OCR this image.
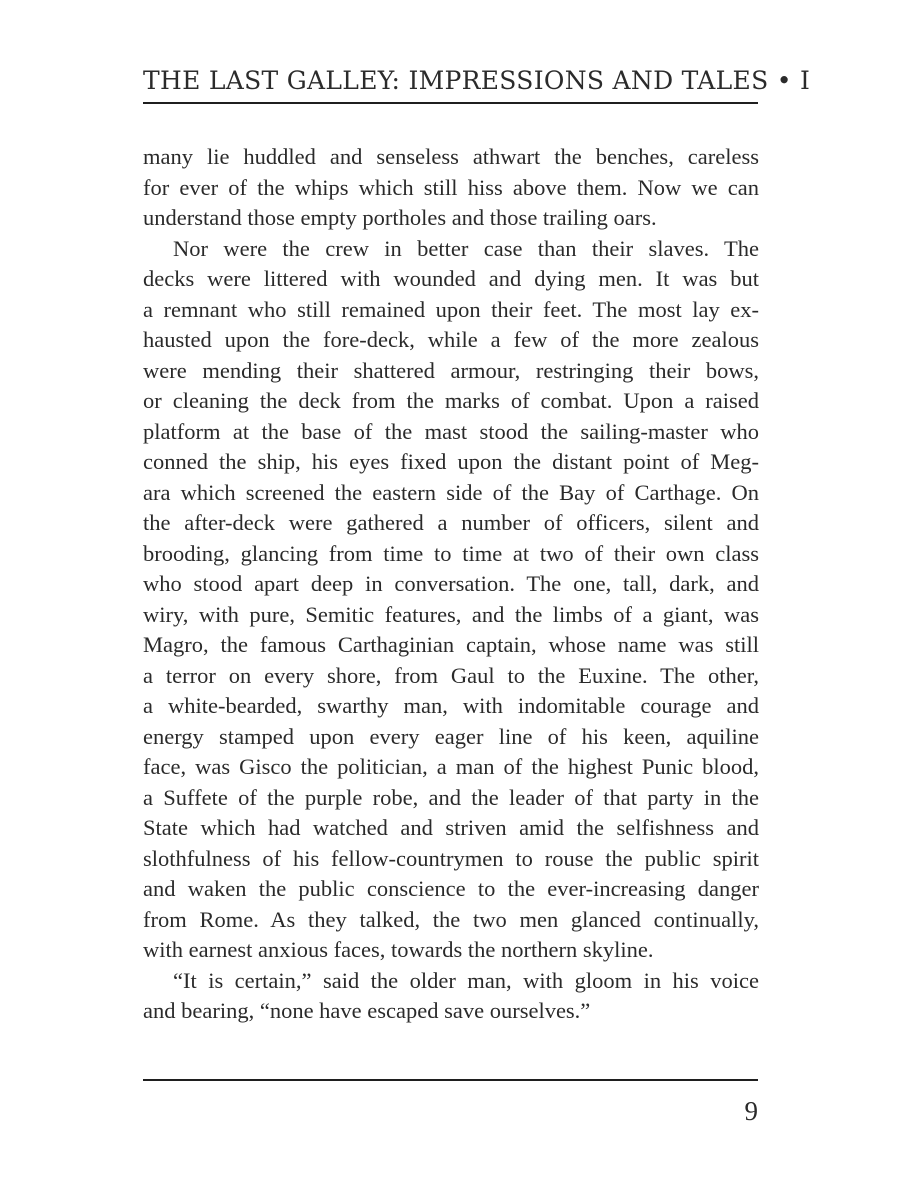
THE LAST GALLEY: IMPRESSIONS AND TALES • I
many lie huddled and senseless athwart the benches, careless
for ever of the whips which still hiss above them. Now we can
understand those empty portholes and those trailing oars.
Nor were the crew in better case than their slaves. The
decks were littered with wounded and dying men. It was but
a remnant who still remained upon their feet. The most lay ex-
hausted upon the fore-deck, while a few of the more zealous
were mending their shattered armour, restringing their bows,
or cleaning the deck from the marks of combat. Upon a raised
platform at the base of the mast stood the sailing-master who
conned the ship, his eyes fixed upon the distant point of Meg-
ara which screened the eastern side of the Bay of Carthage. On
the after-deck were gathered a number of officers, silent and
brooding, glancing from time to time at two of their own class
who stood apart deep in conversation. The one, tall, dark, and
wiry, with pure, Semitic features, and the limbs of a giant, was
Magro, the famous Carthaginian captain, whose name was still
a terror on every shore, from Gaul to the Euxine. The other,
a white-bearded, swarthy man, with indomitable courage and
energy stamped upon every eager line of his keen, aquiline
face, was Gisco the politician, a man of the highest Punic blood,
a Suffete of the purple robe, and the leader of that party in the
State which had watched and striven amid the selfishness and
slothfulness of his fellow-countrymen to rouse the public spirit
and waken the public conscience to the ever-increasing danger
from Rome. As they talked, the two men glanced continually,
with earnest anxious faces, towards the northern skyline.
“It is certain,” said the older man, with gloom in his voice
and bearing, “none have escaped save ourselves.”
9
